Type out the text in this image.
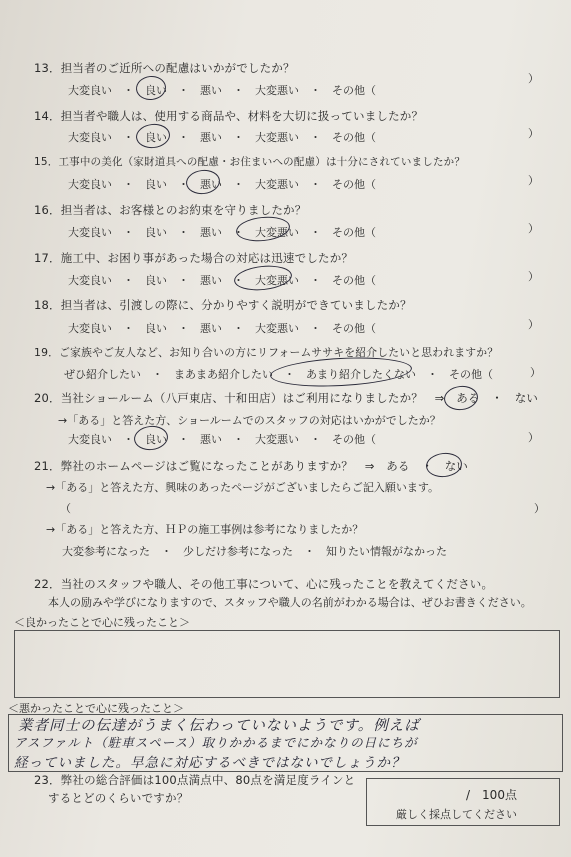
13．担当者のご近所への配慮はいかがでしたか？
大変良い　・　良い　・　悪い　・　大変悪い　・　その他（
）
14．担当者や職人は、使用する商品や、材料を大切に扱っていましたか？
大変良い　・　良い　・　悪い　・　大変悪い　・　その他（	）
15．工事中の美化（家財道具への配慮・お住まいへの配慮）は十分にされていましたか？
大変良い　・　良い　・　悪い　・　大変悪い　・　その他（	）
16．担当者は、お客様とのお約束を守りましたか？
大変良い　・　良い　・　悪い　・　大変悪い　・　その他（	）
17．施工中、お困り事があった場合の対応は迅速でしたか？
大変良い　・　良い　・　悪い　・　大変悪い　・　その他（	）
18．担当者は、引渡しの際に、分かりやすく説明ができていましたか？
大変良い　・　良い　・　悪い　・　大変悪い　・　その他（	）
19．ご家族やご友人など、お知り合いの方にリフォームササキを紹介したいと思われますか？
ぜひ紹介したい　・　まあまあ紹介したい　・　あまり紹介したくない　・　その他（	）
20．当社ショールーム（八戸東店、十和田店）はご利用になりましたか？　⇒　ある　・　ない
→「ある」と答えた方、ショールームでのスタッフの対応はいかがでしたか？
大変良い　・　良い　・　悪い　・　大変悪い　・　その他（	）
21．弊社のホームページはご覧になったことがありますか？　⇒　ある　・　ない
→「ある」と答えた方、興味のあったページがございましたらご記入願います。
（	）
→「ある」と答えた方、ＨＰの施工事例は参考になりましたか？
大変参考になった　・　少しだけ参考になった　・　知りたい情報がなかった
22．当社のスタッフや職人、その他工事について、心に残ったことを教えてください。
本人の励みや学びになりますので、スタッフや職人の名前がわかる場合は、ぜひお書きください。
＜良かったことで心に残ったこと＞
＜悪かったことで心に残ったこと＞
業者同士の伝達がうまく伝わっていないようです。例えば
アスファルト（駐車スペース）取りかかるまでにかなりの日にちが
経っていました。早急に対応するべきではないでしょうか？
23．弊社の総合評価は100点満点中、80点を満足度ラインと
するとどのくらいですか？	/　100点
厳しく採点してください
